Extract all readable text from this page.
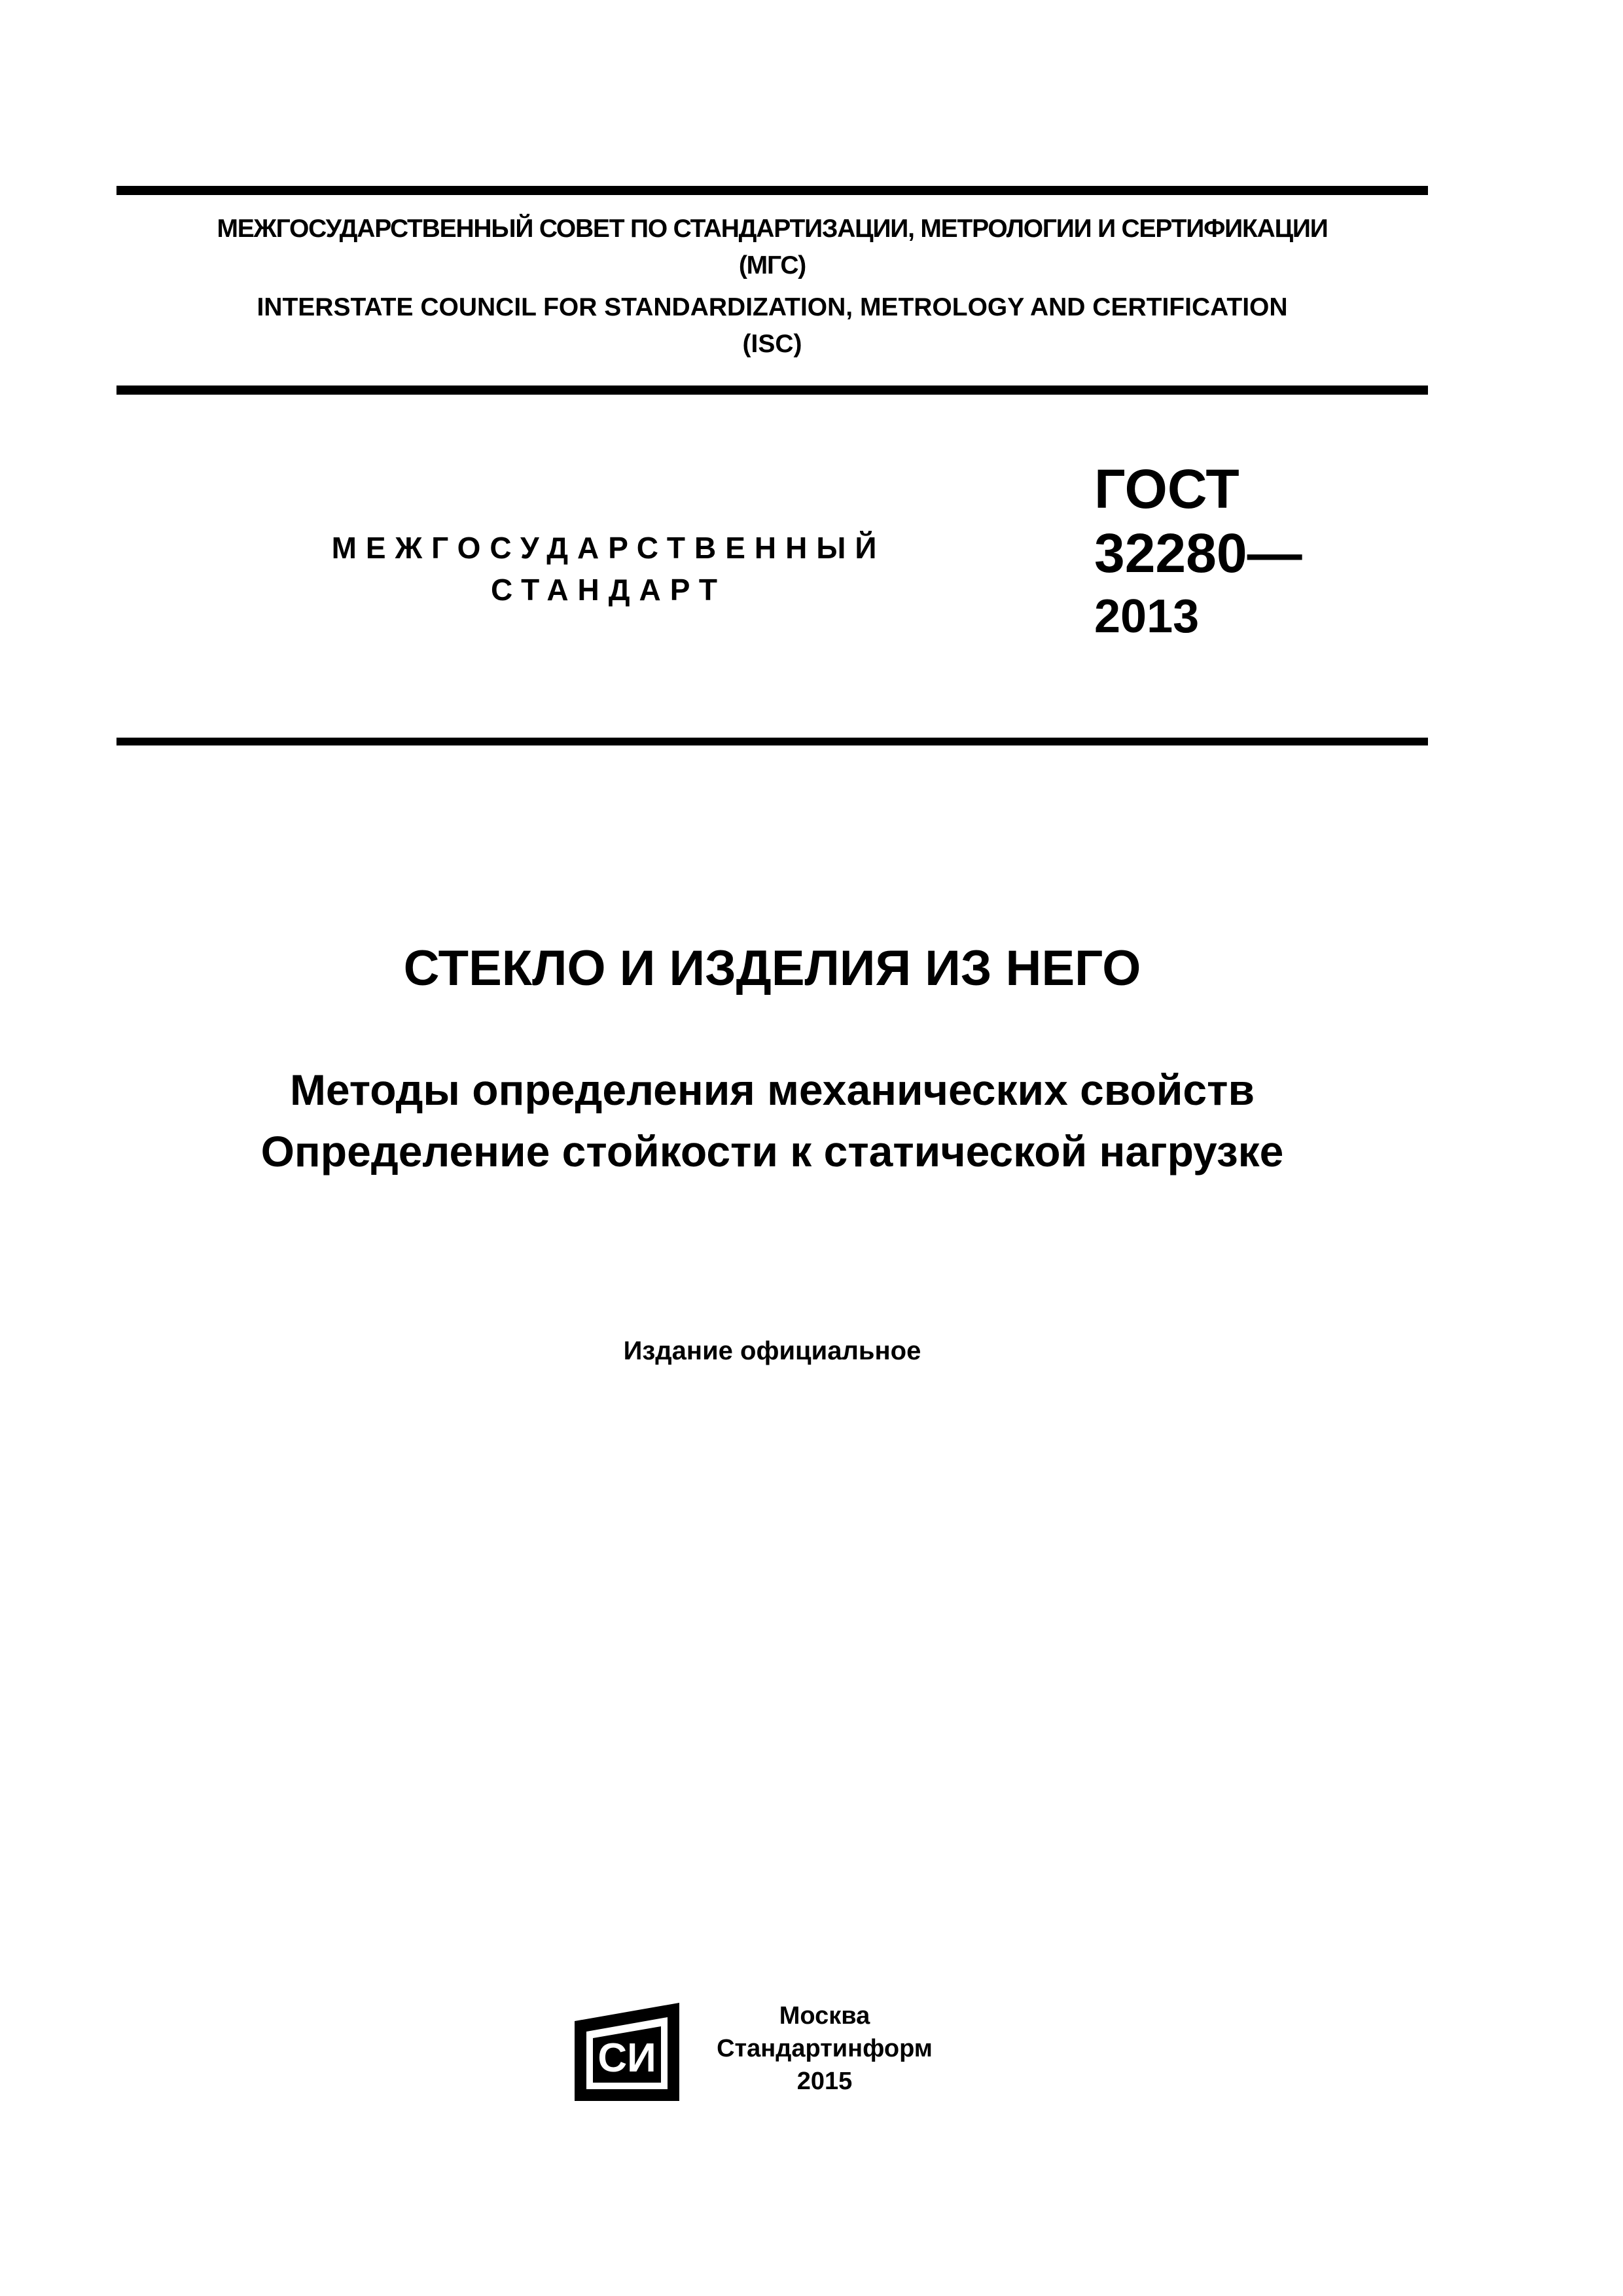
МЕЖГОСУДАРСТВЕННЫЙ СОВЕТ ПО СТАНДАРТИЗАЦИИ, МЕТРОЛОГИИ И СЕРТИФИКАЦИИ
(МГС)
INTERSTATE COUNCIL FOR STANDARDIZATION, METROLOGY AND CERTIFICATION
(ISC)
МЕЖГОСУДАРСТВЕННЫЙ
СТАНДАРТ
ГОСТ
32280—
2013
СТЕКЛО И ИЗДЕЛИЯ ИЗ НЕГО
Методы определения механических свойств
Определение стойкости к статической нагрузке
Издание официальное
СИ
Москва
Стандартинформ
2015
